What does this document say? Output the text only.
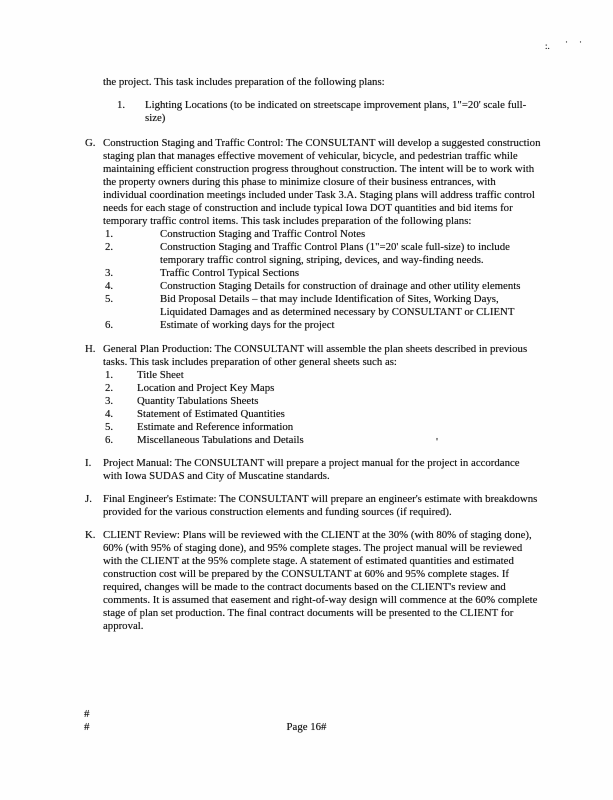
:. · ·
'

the project. This task includes preparation of the following plans:

1.	Lighting Locations (to be indicated on streetscape improvement plans, 1"=20' scale full-size)
G. Construction Staging and Traffic Control: The CONSULTANT will develop a suggested construction staging plan that manages effective movement of vehicular, bicycle, and pedestrian traffic while maintaining efficient construction progress throughout construction. The intent will be to work with the property owners during this phase to minimize closure of their business entrances, with individual coordination meetings included under Task 3.A. Staging plans will address traffic control needs for each stage of construction and include typical Iowa DOT quantities and bid items for temporary traffic control items. This task includes preparation of the following plans:

1.	Construction Staging and Traffic Control Notes
2.	Construction Staging and Traffic Control Plans (1"=20' scale full-size) to include temporary traffic control signing, striping, devices, and way-finding needs.
3.	Traffic Control Typical Sections
4.	Construction Staging Details for construction of drainage and other utility elements
5.	Bid Proposal Details – that may include Identification of Sites, Working Days, Liquidated Damages and as determined necessary by CONSULTANT or CLIENT
6.	Estimate of working days for the project
H. General Plan Production: The CONSULTANT will assemble the plan sheets described in previous tasks. This task includes preparation of other general sheets such as:

1.	Title Sheet
2.	Location and Project Key Maps
3.	Quantity Tabulations Sheets
4.	Statement of Estimated Quantities
5.	Estimate and Reference information
6.	Miscellaneous Tabulations and Details
I.	Project Manual: The CONSULTANT will prepare a project manual for the project in accordance with Iowa SUDAS and City of Muscatine standards.

J.	Final Engineer's Estimate: The CONSULTANT will prepare an engineer's estimate with breakdowns provided for the various construction elements and funding sources (if required).

K. CLIENT Review: Plans will be reviewed with the CLIENT at the 30% (with 80% of staging done), 60% (with 95% of staging done), and 95% complete stages. The project manual will be reviewed with the CLIENT at the 95% complete stage. A statement of estimated quantities and estimated construction cost will be prepared by the CONSULTANT at 60% and 95% complete stages. If required, changes will be made to the contract documents based on the CLIENT's review and comments. It is assumed that easement and right-of-way design will commence at the 60% complete stage of plan set production. The final contract documents will be presented to the CLIENT for approval.

#
#	Page 16#
